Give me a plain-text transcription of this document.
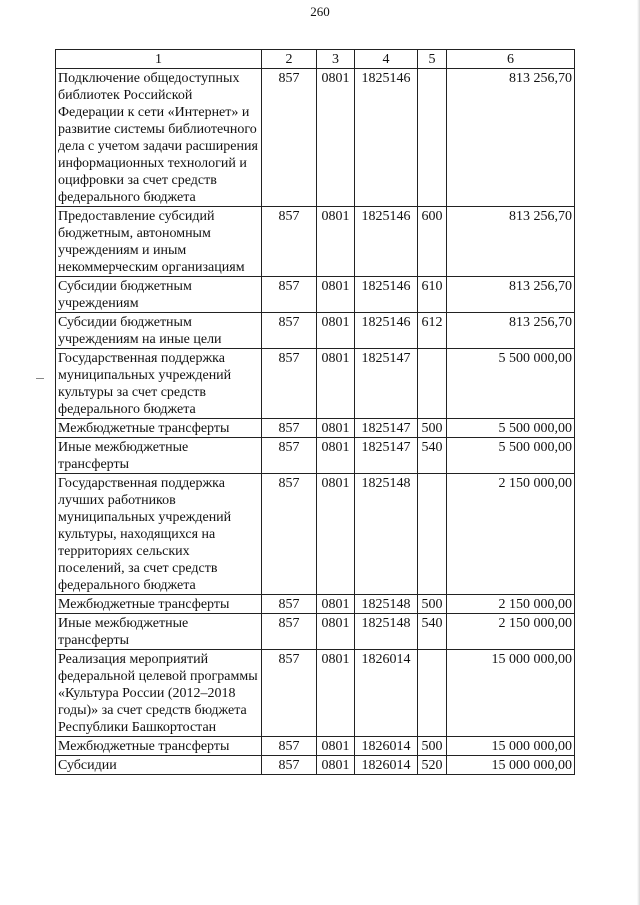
260
1	2	3	4	5	6
Подключение общедоступных библиотек Российской Федерации к сети «Интернет» и развитие системы библиотечного дела с учетом задачи расширения информационных технологий и оцифровки за счет средств федерального бюджета	857	0801	1825146		813 256,70
Предоставление субсидий бюджетным, автономным учреждениям и иным некоммерческим организациям	857	0801	1825146	600	813 256,70
Субсидии бюджетным учреждениям	857	0801	1825146	610	813 256,70
Субсидии бюджетным учреждениям на иные цели	857	0801	1825146	612	813 256,70
Государственная поддержка муниципальных учреждений культуры за счет средств федерального бюджета	857	0801	1825147		5 500 000,00
Межбюджетные трансферты	857	0801	1825147	500	5 500 000,00
Иные межбюджетные трансферты	857	0801	1825147	540	5 500 000,00
Государственная поддержка лучших работников муниципальных учреждений культуры, находящихся на территориях сельских поселений, за счет средств федерального бюджета	857	0801	1825148		2 150 000,00
Межбюджетные трансферты	857	0801	1825148	500	2 150 000,00
Иные межбюджетные трансферты	857	0801	1825148	540	2 150 000,00
Реализация мероприятий федеральной целевой программы «Культура России (2012–2018 годы)» за счет средств бюджета Республики Башкортостан	857	0801	1826014		15 000 000,00
Межбюджетные трансферты	857	0801	1826014	500	15 000 000,00
Субсидии	857	0801	1826014	520	15 000 000,00
